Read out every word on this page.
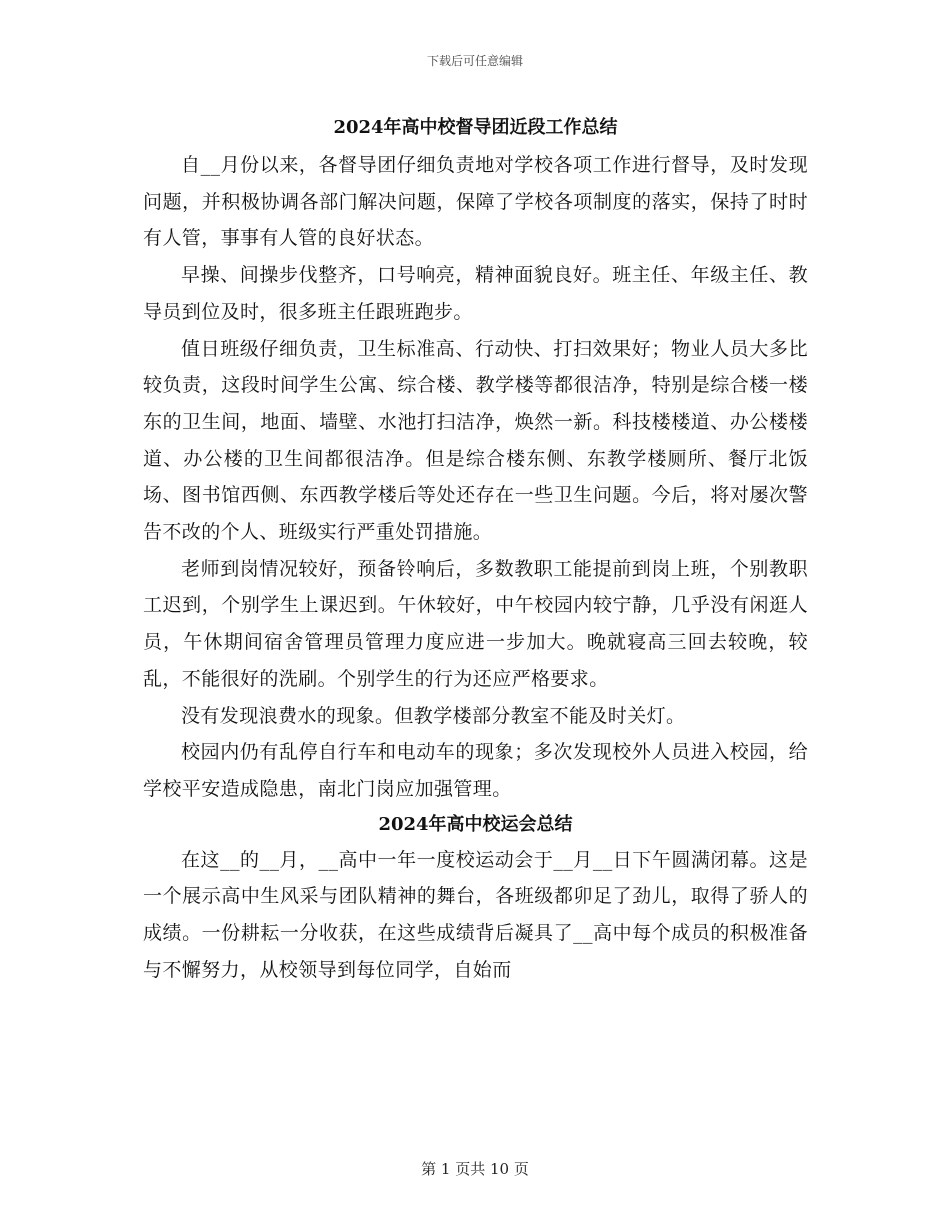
下载后可任意编辑
2024年高中校督导团近段工作总结

自__月份以来，各督导团仔细负责地对学校各项工作进行督导，及时发现问题，并积极协调各部门解决问题，保障了学校各项制度的落实，保持了时时有人管，事事有人管的良好状态。

早操、间操步伐整齐，口号响亮，精神面貌良好。班主任、年级主任、教导员到位及时，很多班主任跟班跑步。

值日班级仔细负责，卫生标准高、行动快、打扫效果好；物业人员大多比较负责，这段时间学生公寓、综合楼、教学楼等都很洁净，特别是综合楼一楼东的卫生间，地面、墙壁、水池打扫洁净，焕然一新。科技楼楼道、办公楼楼道、办公楼的卫生间都很洁净。但是综合楼东侧、东教学楼厕所、餐厅北饭场、图书馆西侧、东西教学楼后等处还存在一些卫生问题。今后，将对屡次警告不改的个人、班级实行严重处罚措施。

老师到岗情况较好，预备铃响后，多数教职工能提前到岗上班，个别教职工迟到，个别学生上课迟到。午休较好，中午校园内较宁静，几乎没有闲逛人员，午休期间宿舍管理员管理力度应进一步加大。晚就寝高三回去较晚，较乱，不能很好的洗刷。个别学生的行为还应严格要求。

没有发现浪费水的现象。但教学楼部分教室不能及时关灯。

校园内仍有乱停自行车和电动车的现象；多次发现校外人员进入校园，给学校平安造成隐患，南北门岗应加强管理。

2024年高中校运会总结

在这__的__月，__高中一年一度校运动会于__月__日下午圆满闭幕。这是一个展示高中生风采与团队精神的舞台，各班级都卯足了劲儿，取得了骄人的成绩。一份耕耘一分收获，在这些成绩背后凝具了__高中每个成员的积极准备与不懈努力，从校领导到每位同学，自始而

第 1 页共 10 页
